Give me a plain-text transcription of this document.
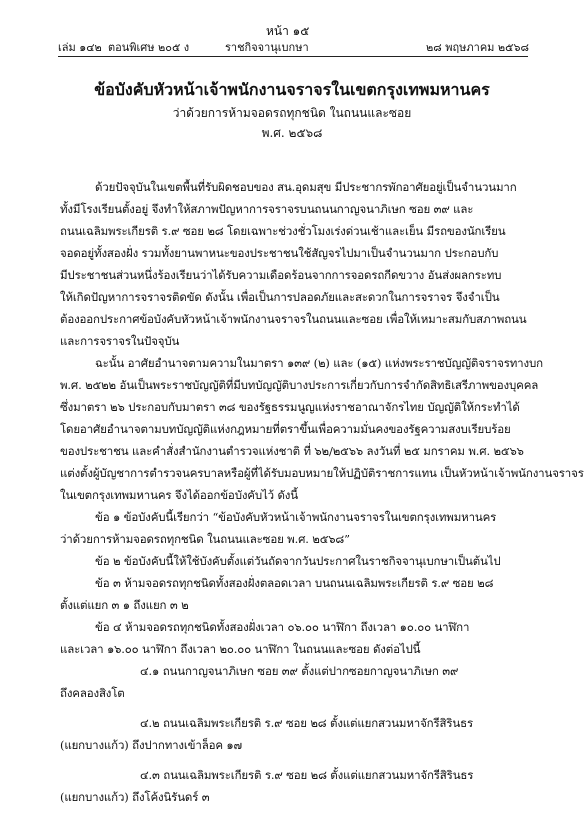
หน้า ๑๕
เล่ม ๑๔๒ ตอนพิเศษ ๒๐๕ ง	ราชกิจจานุเบกษา	๒๘ พฤษภาคม ๒๕๖๘
ข้อบังคับหัวหน้าเจ้าพนักงานจราจรในเขตกรุงเทพมหานคร
ว่าด้วยการห้ามจอดรถทุกชนิด ในถนนและซอย
พ.ศ. ๒๕๖๘
ด้วยปัจจุบันในเขตพื้นที่รับผิดชอบของ สน.อุดมสุข มีประชากรพักอาศัยอยู่เป็นจำนวนมาก
ทั้งมีโรงเรียนตั้งอยู่ จึงทำให้สภาพปัญหาการจราจรบนถนนกาญจนาภิเษก ซอย ๓๙ และ
ถนนเฉลิมพระเกียรติ ร.๙ ซอย ๒๘ โดยเฉพาะช่วงชั่วโมงเร่งด่วนเช้าและเย็น มีรถของนักเรียน
จอดอยู่ทั้งสองฝั่ง รวมทั้งยานพาหนะของประชาชนใช้สัญจรไปมาเป็นจำนวนมาก ประกอบกับ
มีประชาชนส่วนหนึ่งร้องเรียนว่าได้รับความเดือดร้อนจากการจอดรถกีดขวาง อันส่งผลกระทบ
ให้เกิดปัญหาการจราจรติดขัด ดังนั้น เพื่อเป็นการปลอดภัยและสะดวกในการจราจร จึงจำเป็น
ต้องออกประกาศข้อบังคับหัวหน้าเจ้าพนักงานจราจรในถนนและซอย เพื่อให้เหมาะสมกับสภาพถนน
และการจราจรในปัจจุบัน
ฉะนั้น อาศัยอำนาจตามความในมาตรา ๑๓๙ (๒) และ (๑๕) แห่งพระราชบัญญัติจราจรทางบก
พ.ศ. ๒๕๒๒ อันเป็นพระราชบัญญัติที่มีบทบัญญัติบางประการเกี่ยวกับการจำกัดสิทธิเสรีภาพของบุคคล
ซึ่งมาตรา ๒๖ ประกอบกับมาตรา ๓๘ ของรัฐธรรมนูญแห่งราชอาณาจักรไทย บัญญัติให้กระทำได้
โดยอาศัยอำนาจตามบทบัญญัติแห่งกฎหมายที่ตราขึ้นเพื่อความมั่นคงของรัฐความสงบเรียบร้อย
ของประชาชน และคำสั่งสำนักงานตำรวจแห่งชาติ ที่ ๖๒/๒๕๖๖ ลงวันที่ ๒๕ มกราคม พ.ศ. ๒๕๖๖
แต่งตั้งผู้บัญชาการตำรวจนครบาลหรือผู้ที่ได้รับมอบหมายให้ปฏิบัติราชการแทน เป็นหัวหน้าเจ้าพนักงานจราจร
ในเขตกรุงเทพมหานคร จึงได้ออกข้อบังคับไว้ ดังนี้
ข้อ ๑ ข้อบังคับนี้เรียกว่า “ข้อบังคับหัวหน้าเจ้าพนักงานจราจรในเขตกรุงเทพมหานคร
ว่าด้วยการห้ามจอดรถทุกชนิด ในถนนและซอย พ.ศ. ๒๕๖๘”
ข้อ ๒ ข้อบังคับนี้ให้ใช้บังคับตั้งแต่วันถัดจากวันประกาศในราชกิจจานุเบกษาเป็นต้นไป
ข้อ ๓ ห้ามจอดรถทุกชนิดทั้งสองฝั่งตลอดเวลา บนถนนเฉลิมพระเกียรติ ร.๙ ซอย ๒๘
ตั้งแต่แยก ๓ ๑ ถึงแยก ๓ ๒
ข้อ ๔ ห้ามจอดรถทุกชนิดทั้งสองฝั่งเวลา ๐๖.๐๐ นาฬิกา ถึงเวลา ๑๐.๐๐ นาฬิกา
และเวลา ๑๖.๐๐ นาฬิกา ถึงเวลา ๒๐.๐๐ นาฬิกา ในถนนและซอย ดังต่อไปนี้
๔.๑ ถนนกาญจนาภิเษก ซอย ๓๙ ตั้งแต่ปากซอยกาญจนาภิเษก ๓๙
ถึงคลองสิงโต
๔.๒ ถนนเฉลิมพระเกียรติ ร.๙ ซอย ๒๘ ตั้งแต่แยกสวนมหาจักรีสิรินธร
(แยกบางแก้ว) ถึงปากทางเข้าล็อค ๑๗
๔.๓ ถนนเฉลิมพระเกียรติ ร.๙ ซอย ๒๘ ตั้งแต่แยกสวนมหาจักรีสิรินธร
(แยกบางแก้ว) ถึงโค้งนิรันดร์ ๓
